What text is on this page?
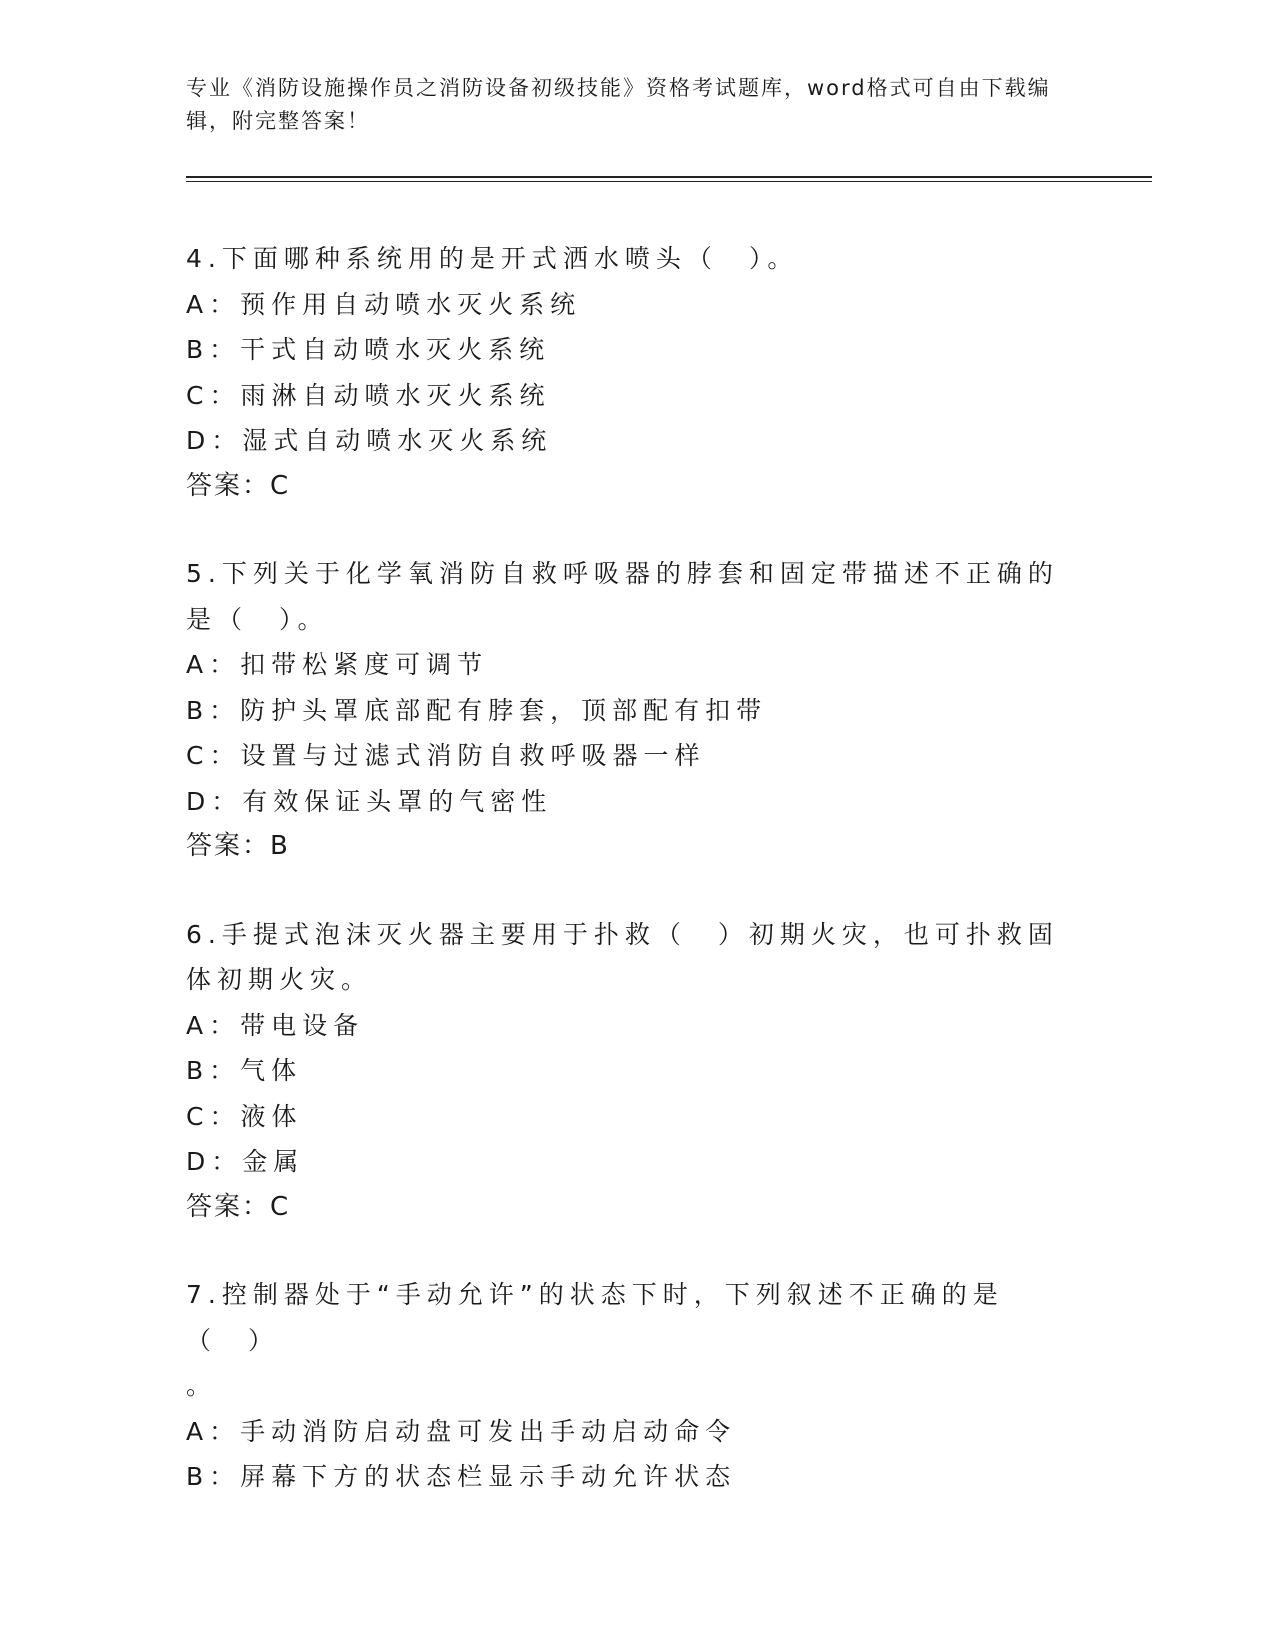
专业《消防设施操作员之消防设备初级技能》资格考试题库，word格式可自由下载编辑，附完整答案！
4.下面哪种系统用的是开式洒水喷头（　）。
A：预作用自动喷水灭火系统
B：干式自动喷水灭火系统
C：雨淋自动喷水灭火系统
D：湿式自动喷水灭火系统
答案：C
5.下列关于化学氧消防自救呼吸器的脖套和固定带描述不正确的是（　）。
A：扣带松紧度可调节
B：防护头罩底部配有脖套，顶部配有扣带
C：设置与过滤式消防自救呼吸器一样
D：有效保证头罩的气密性
答案：B
6.手提式泡沫灭火器主要用于扑救（　）初期火灾，也可扑救固体初期火灾。
A：带电设备
B：气体
C：液体
D：金属
答案：C
7.控制器处于“手动允许”的状态下时，下列叙述不正确的是（　）
。
A：手动消防启动盘可发出手动启动命令
B：屏幕下方的状态栏显示手动允许状态
